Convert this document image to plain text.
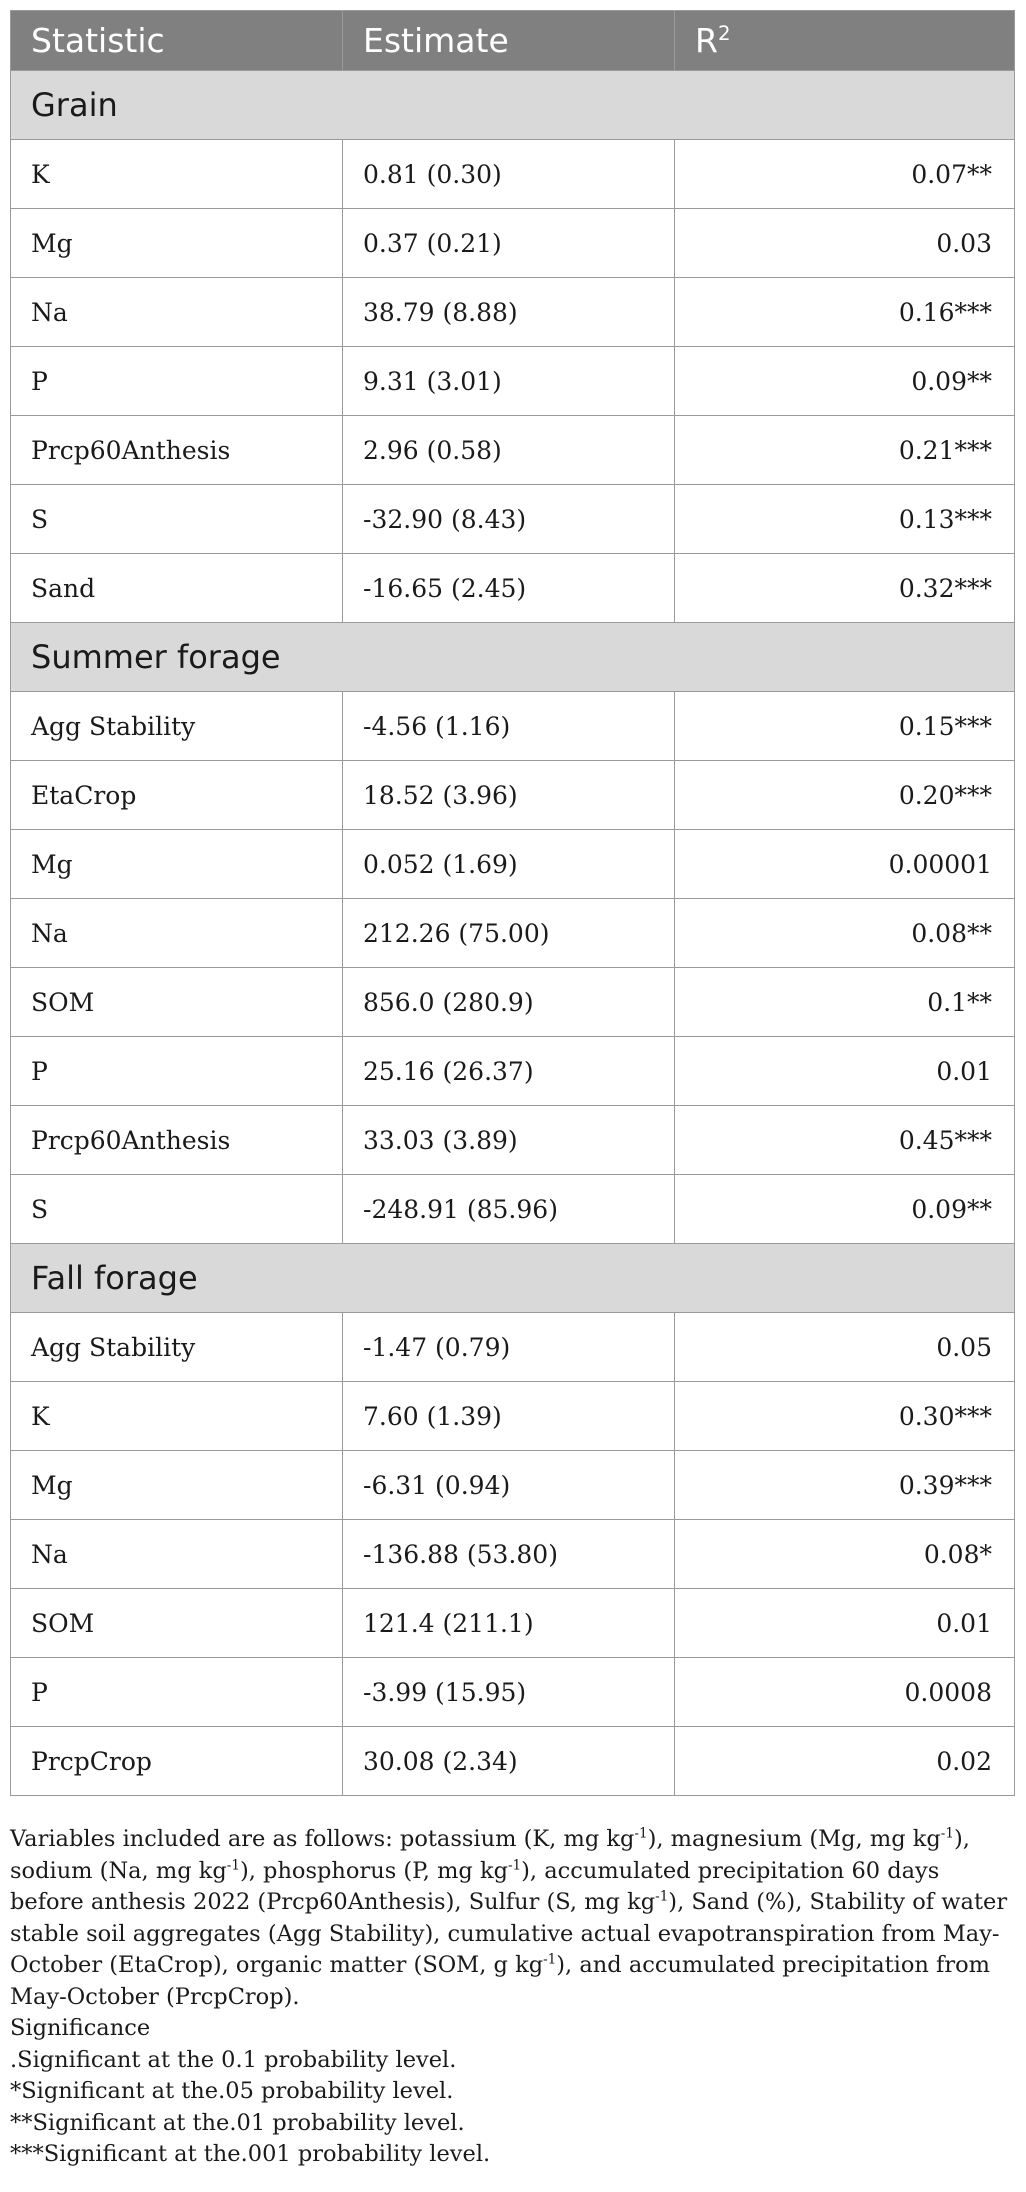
Statistic	Estimate	$R^2$
Grain		
K	0.81 (0.30)	0.07**
Mg	0.37 (0.21)	0.03
Na	38.79 (8.88)	0.16***
P	9.31 (3.01)	0.09**
Prcp60Anthesis	2.96 (0.58)	0.21***
S	-32.90 (8.43)	0.13***
Sand	-16.65 (2.45)	0.32***
Summer forage		
Agg Stability	-4.56 (1.16)	0.15***
EtaCrop	18.52 (3.96)	0.20***
Mg	0.052 (1.69)	0.00001
Na	212.26 (75.00)	0.08**
SOM	856.0 (280.9)	0.1**
P	25.16 (26.37)	0.01
Prcp60Anthesis	33.03 (3.89)	0.45***
S	-248.91 (85.96)	0.09**
Fall forage		
Agg Stability	-1.47 (0.79)	0.05
K	7.60 (1.39)	0.30***
Mg	-6.31 (0.94)	0.39***
Na	-136.88 (53.80)	0.08*
SOM	121.4 (211.1)	0.01
P	-3.99 (15.95)	0.0008
PrcpCrop	30.08 (2.34)	0.02

Variables included are as follows: potassium (K, mg $kg^{-1}$), magnesium (Mg, mg $kg^{-1}$), sodium (Na, mg $kg^{-1}$), phosphorus (P, mg $kg^{-1}$), accumulated precipitation 60 days before anthesis 2022 (Prcp60Anthesis), Sulfur (S, mg $kg^{-1}$), Sand (%), Stability of water stable soil aggregates (Agg Stability), cumulative actual evapotranspiration from May-October (EtaCrop), organic matter (SOM, g $kg^{-1}$), and accumulated precipitation from May-October (PrcpCrop).

Significance

.Significant at the 0.1 probability level.

*Significant at the.05 probability level.

**Significant at the.01 probability level.

***Significant at the.001 probability level.
